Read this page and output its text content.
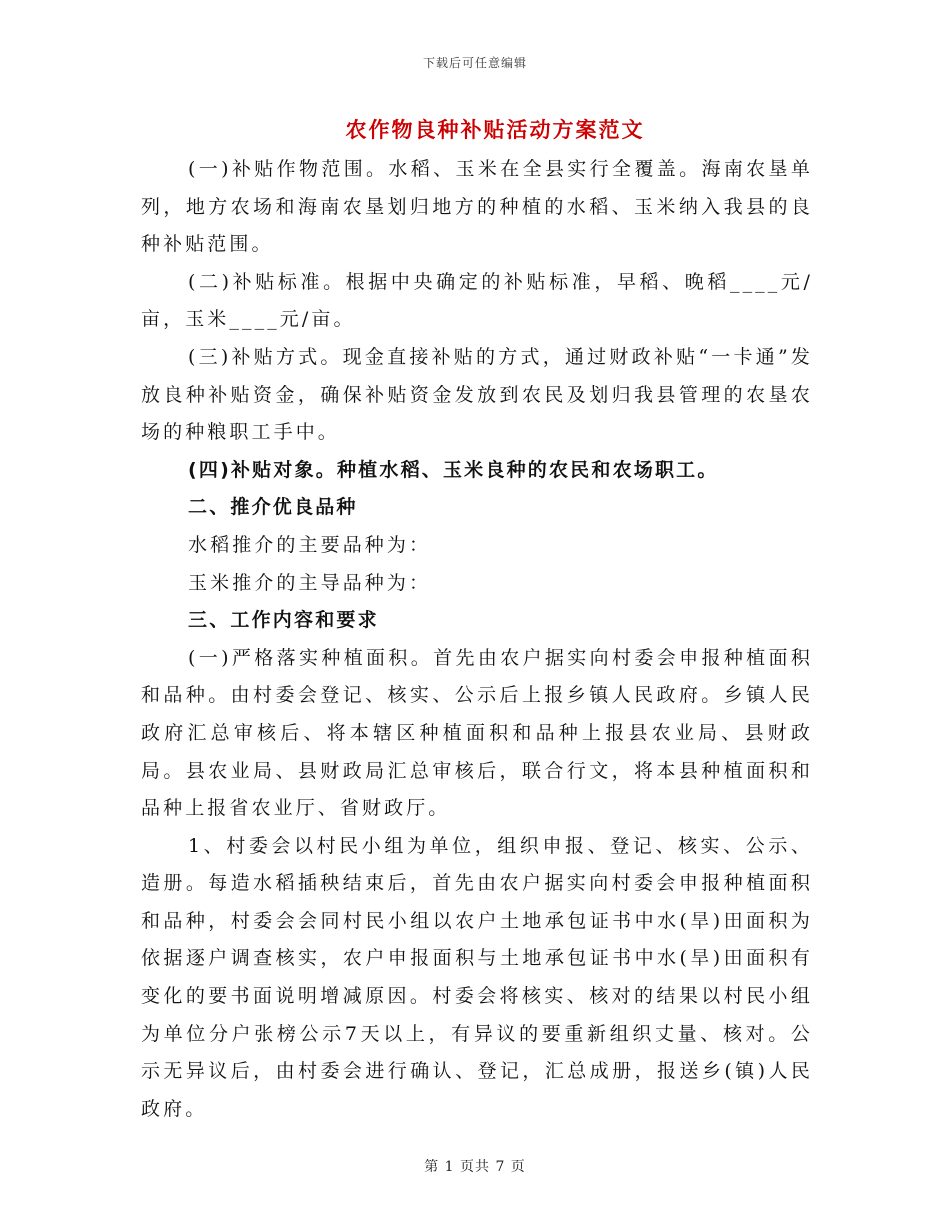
下载后可任意编辑
农作物良种补贴活动方案范文

(一)补贴作物范围。水稻、玉米在全县实行全覆盖。海南农垦单列，地方农场和海南农垦划归地方的种植的水稻、玉米纳入我县的良种补贴范围。

(二)补贴标准。根据中央确定的补贴标准，早稻、晚稻____元/亩，玉米____元/亩。

(三)补贴方式。现金直接补贴的方式，通过财政补贴“一卡通”发放良种补贴资金，确保补贴资金发放到农民及划归我县管理的农垦农场的种粮职工手中。

(四)补贴对象。种植水稻、玉米良种的农民和农场职工。

二、推介优良品种

水稻推介的主要品种为：

玉米推介的主导品种为：

三、工作内容和要求

(一)严格落实种植面积。首先由农户据实向村委会申报种植面积和品种。由村委会登记、核实、公示后上报乡镇人民政府。乡镇人民政府汇总审核后、将本辖区种植面积和品种上报县农业局、县财政局。县农业局、县财政局汇总审核后，联合行文，将本县种植面积和品种上报省农业厅、省财政厅。

1、村委会以村民小组为单位，组织申报、登记、核实、公示、造册。每造水稻插秧结束后，首先由农户据实向村委会申报种植面积和品种，村委会会同村民小组以农户土地承包证书中水(旱)田面积为依据逐户调查核实，农户申报面积与土地承包证书中水(旱)田面积有变化的要书面说明增减原因。村委会将核实、核对的结果以村民小组为单位分户张榜公示7天以上，有异议的要重新组织丈量、核对。公示无异议后，由村委会进行确认、登记，汇总成册，报送乡(镇)人民政府。

第 1 页共 7 页
